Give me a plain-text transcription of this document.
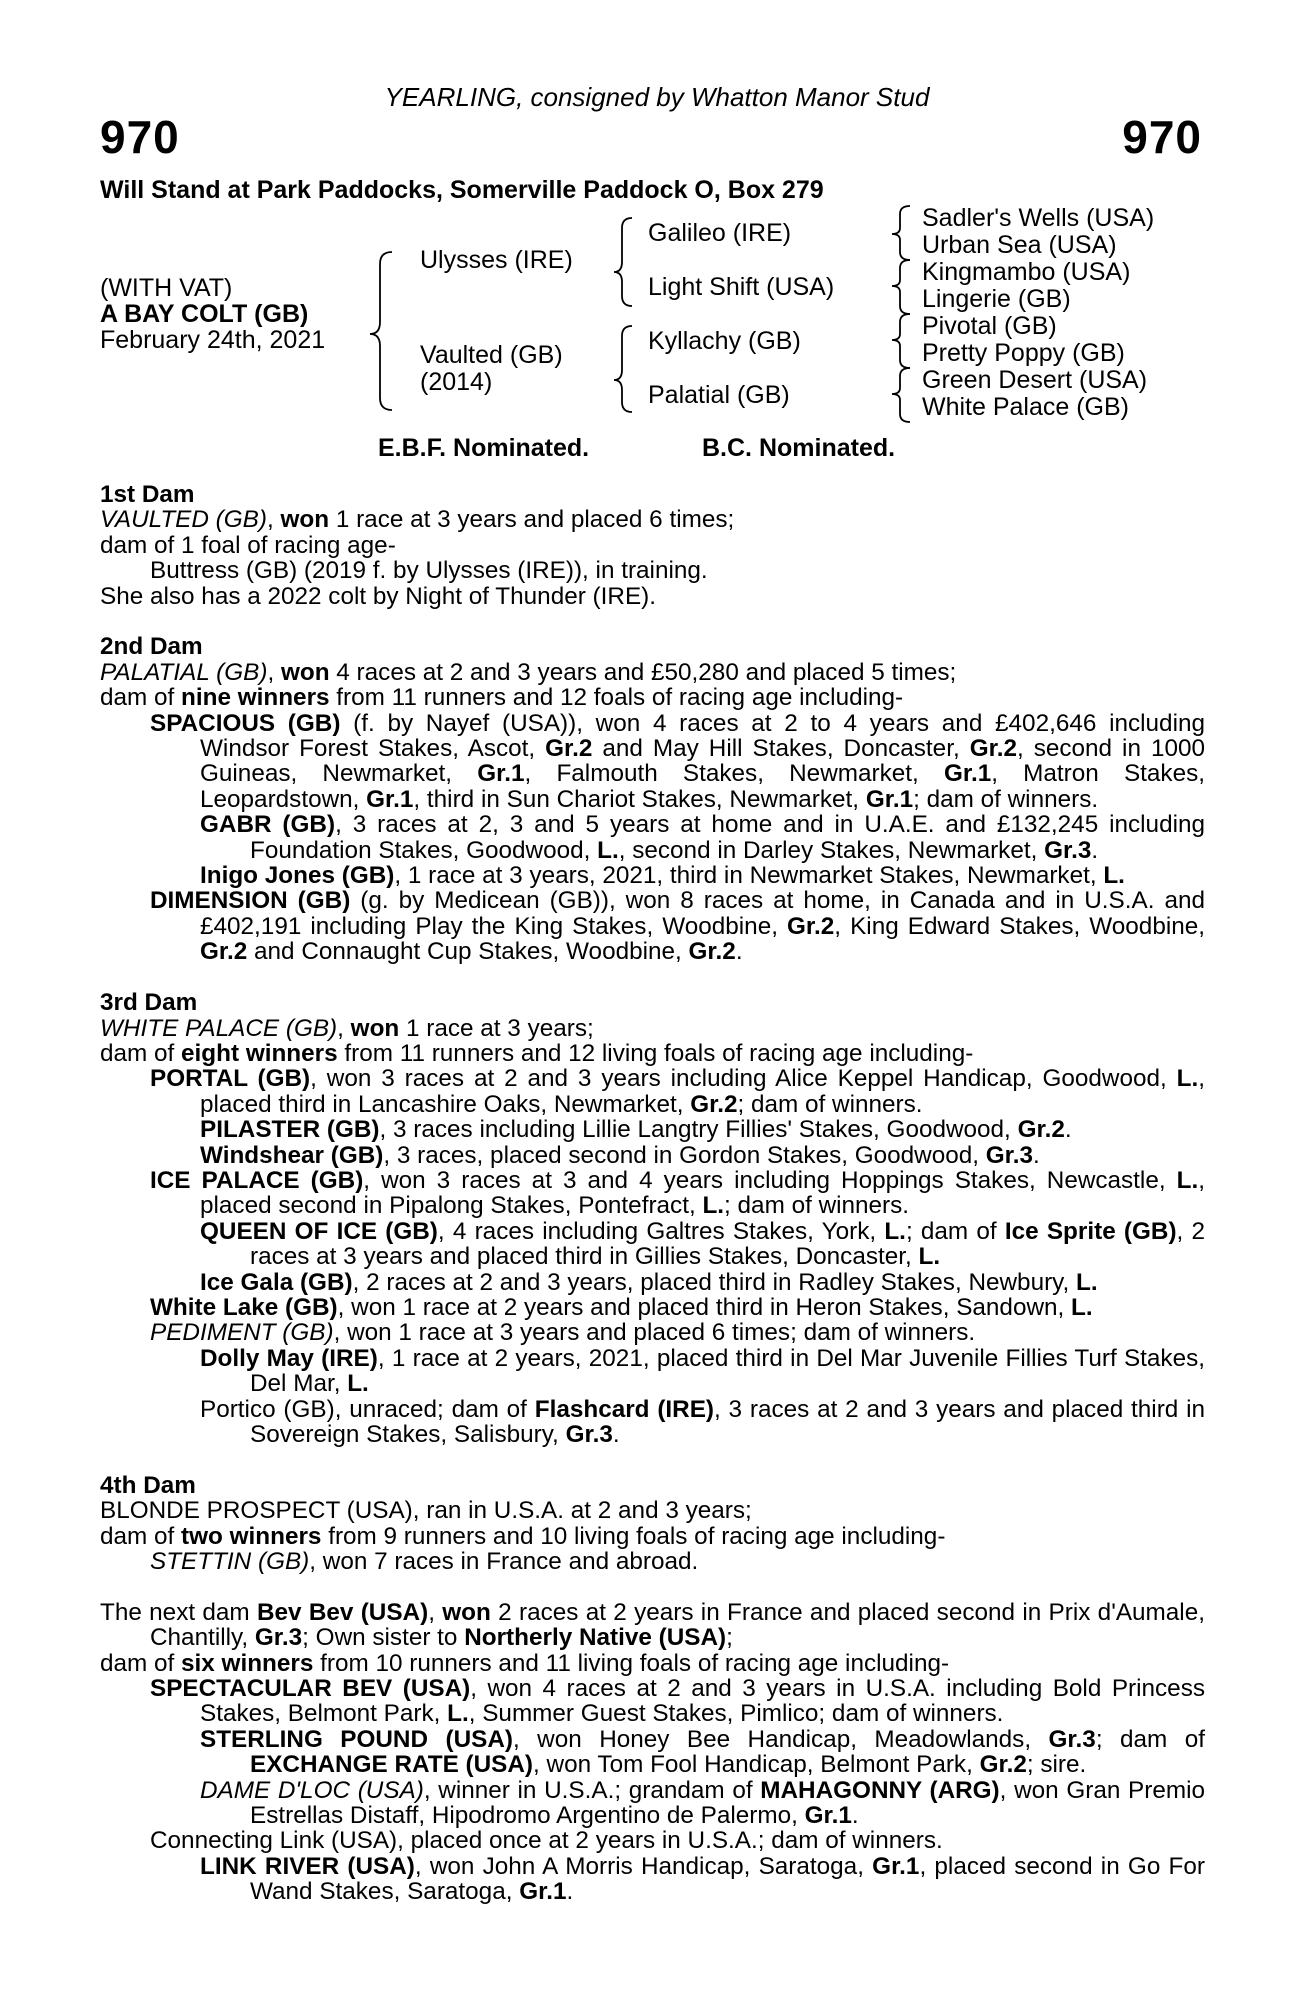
YEARLING, consigned by Whatton Manor Stud
970	970
Will Stand at Park Paddocks, Somerville Paddock O, Box 279
(WITH VAT)
A BAY COLT (GB)
February 24th, 2021
Ulysses (IRE)
Vaulted (GB)
(2014)
Galileo (IRE)
Light Shift (USA)
Kyllachy (GB)
Palatial (GB)
Sadler's Wells (USA)
Urban Sea (USA)
Kingmambo (USA)
Lingerie (GB)
Pivotal (GB)
Pretty Poppy (GB)
Green Desert (USA)
White Palace (GB)
E.B.F. Nominated.	B.C. Nominated.

1st Dam

VAULTED (GB), won 1 race at 3 years and placed 6 times;

dam of 1 foal of racing age-

Buttress (GB) (2019 f. by Ulysses (IRE)), in training.

She also has a 2022 colt by Night of Thunder (IRE).

2nd Dam

PALATIAL (GB), won 4 races at 2 and 3 years and £50,280 and placed 5 times;

dam of nine winners from 11 runners and 12 foals of racing age including-

SPACIOUS (GB) (f. by Nayef (USA)), won 4 races at 2 to 4 years and £402,646 including Windsor Forest Stakes, Ascot, Gr.2 and May Hill Stakes, Doncaster, Gr.2, second in 1000 Guineas, Newmarket, Gr.1, Falmouth Stakes, Newmarket, Gr.1, Matron Stakes, Leopardstown, Gr.1, third in Sun Chariot Stakes, Newmarket, Gr.1; dam of winners.

GABR (GB), 3 races at 2, 3 and 5 years at home and in U.A.E. and £132,245 including Foundation Stakes, Goodwood, L., second in Darley Stakes, Newmarket, Gr.3.

Inigo Jones (GB), 1 race at 3 years, 2021, third in Newmarket Stakes, Newmarket, L.

DIMENSION (GB) (g. by Medicean (GB)), won 8 races at home, in Canada and in U.S.A. and £402,191 including Play the King Stakes, Woodbine, Gr.2, King Edward Stakes, Woodbine, Gr.2 and Connaught Cup Stakes, Woodbine, Gr.2.

3rd Dam

WHITE PALACE (GB), won 1 race at 3 years;

dam of eight winners from 11 runners and 12 living foals of racing age including-

PORTAL (GB), won 3 races at 2 and 3 years including Alice Keppel Handicap, Goodwood, L., placed third in Lancashire Oaks, Newmarket, Gr.2; dam of winners.

PILASTER (GB), 3 races including Lillie Langtry Fillies' Stakes, Goodwood, Gr.2.

Windshear (GB), 3 races, placed second in Gordon Stakes, Goodwood, Gr.3.

ICE PALACE (GB), won 3 races at 3 and 4 years including Hoppings Stakes, Newcastle, L., placed second in Pipalong Stakes, Pontefract, L.; dam of winners.

QUEEN OF ICE (GB), 4 races including Galtres Stakes, York, L.; dam of Ice Sprite (GB), 2 races at 3 years and placed third in Gillies Stakes, Doncaster, L.

Ice Gala (GB), 2 races at 2 and 3 years, placed third in Radley Stakes, Newbury, L.

White Lake (GB), won 1 race at 2 years and placed third in Heron Stakes, Sandown, L.

PEDIMENT (GB), won 1 race at 3 years and placed 6 times; dam of winners.

Dolly May (IRE), 1 race at 2 years, 2021, placed third in Del Mar Juvenile Fillies Turf Stakes, Del Mar, L.

Portico (GB), unraced; dam of Flashcard (IRE), 3 races at 2 and 3 years and placed third in Sovereign Stakes, Salisbury, Gr.3.

4th Dam

BLONDE PROSPECT (USA), ran in U.S.A. at 2 and 3 years;

dam of two winners from 9 runners and 10 living foals of racing age including-

STETTIN (GB), won 7 races in France and abroad.

The next dam Bev Bev (USA), won 2 races at 2 years in France and placed second in Prix d'Aumale, Chantilly, Gr.3; Own sister to Northerly Native (USA);

dam of six winners from 10 runners and 11 living foals of racing age including-

SPECTACULAR BEV (USA), won 4 races at 2 and 3 years in U.S.A. including Bold Princess Stakes, Belmont Park, L., Summer Guest Stakes, Pimlico; dam of winners.

STERLING POUND (USA), won Honey Bee Handicap, Meadowlands, Gr.3; dam of EXCHANGE RATE (USA), won Tom Fool Handicap, Belmont Park, Gr.2; sire.

DAME D'LOC (USA), winner in U.S.A.; grandam of MAHAGONNY (ARG), won Gran Premio Estrellas Distaff, Hipodromo Argentino de Palermo, Gr.1.

Connecting Link (USA), placed once at 2 years in U.S.A.; dam of winners.

LINK RIVER (USA), won John A Morris Handicap, Saratoga, Gr.1, placed second in Go For Wand Stakes, Saratoga, Gr.1.
